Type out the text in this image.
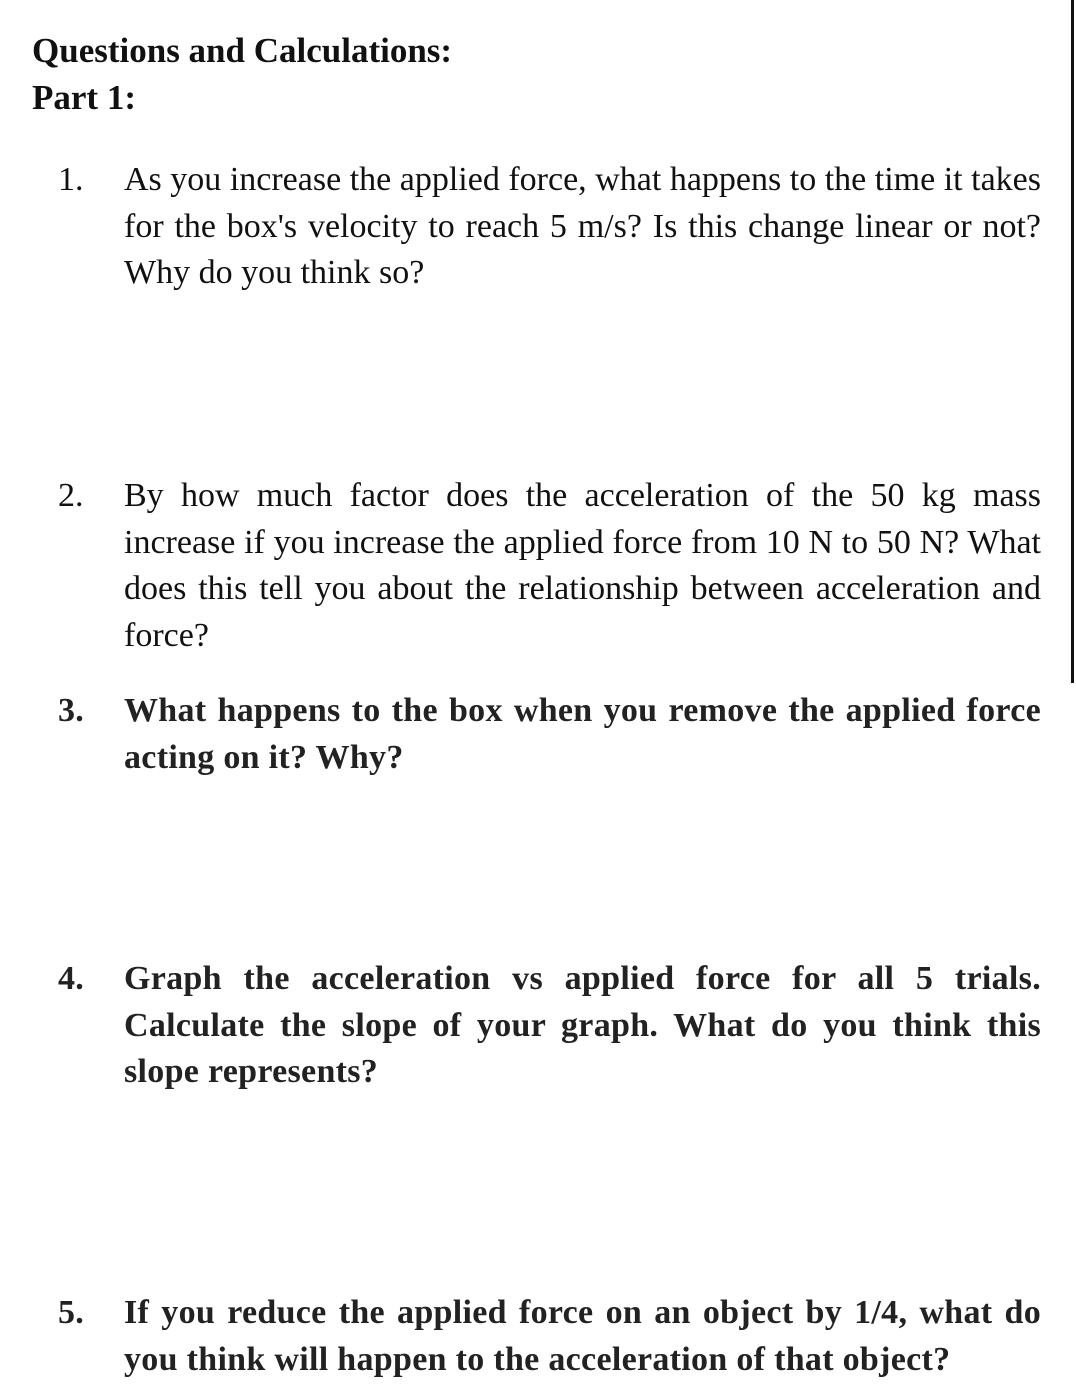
Questions and Calculations:
Part 1:
1. As you increase the applied force, what happens to the time it takes for the box's velocity to reach 5 m/s? Is this change linear or not? Why do you think so?

2. By how much factor does the acceleration of the 50 kg mass increase if you increase the applied force from 10 N to 50 N? What does this tell you about the relationship between acceleration and force?

3. What happens to the box when you remove the applied force acting on it? Why?

4. Graph the acceleration vs applied force for all 5 trials. Calculate the slope of your graph. What do you think this slope represents?

5. If you reduce the applied force on an object by 1/4, what do you think will happen to the acceleration of that object?
